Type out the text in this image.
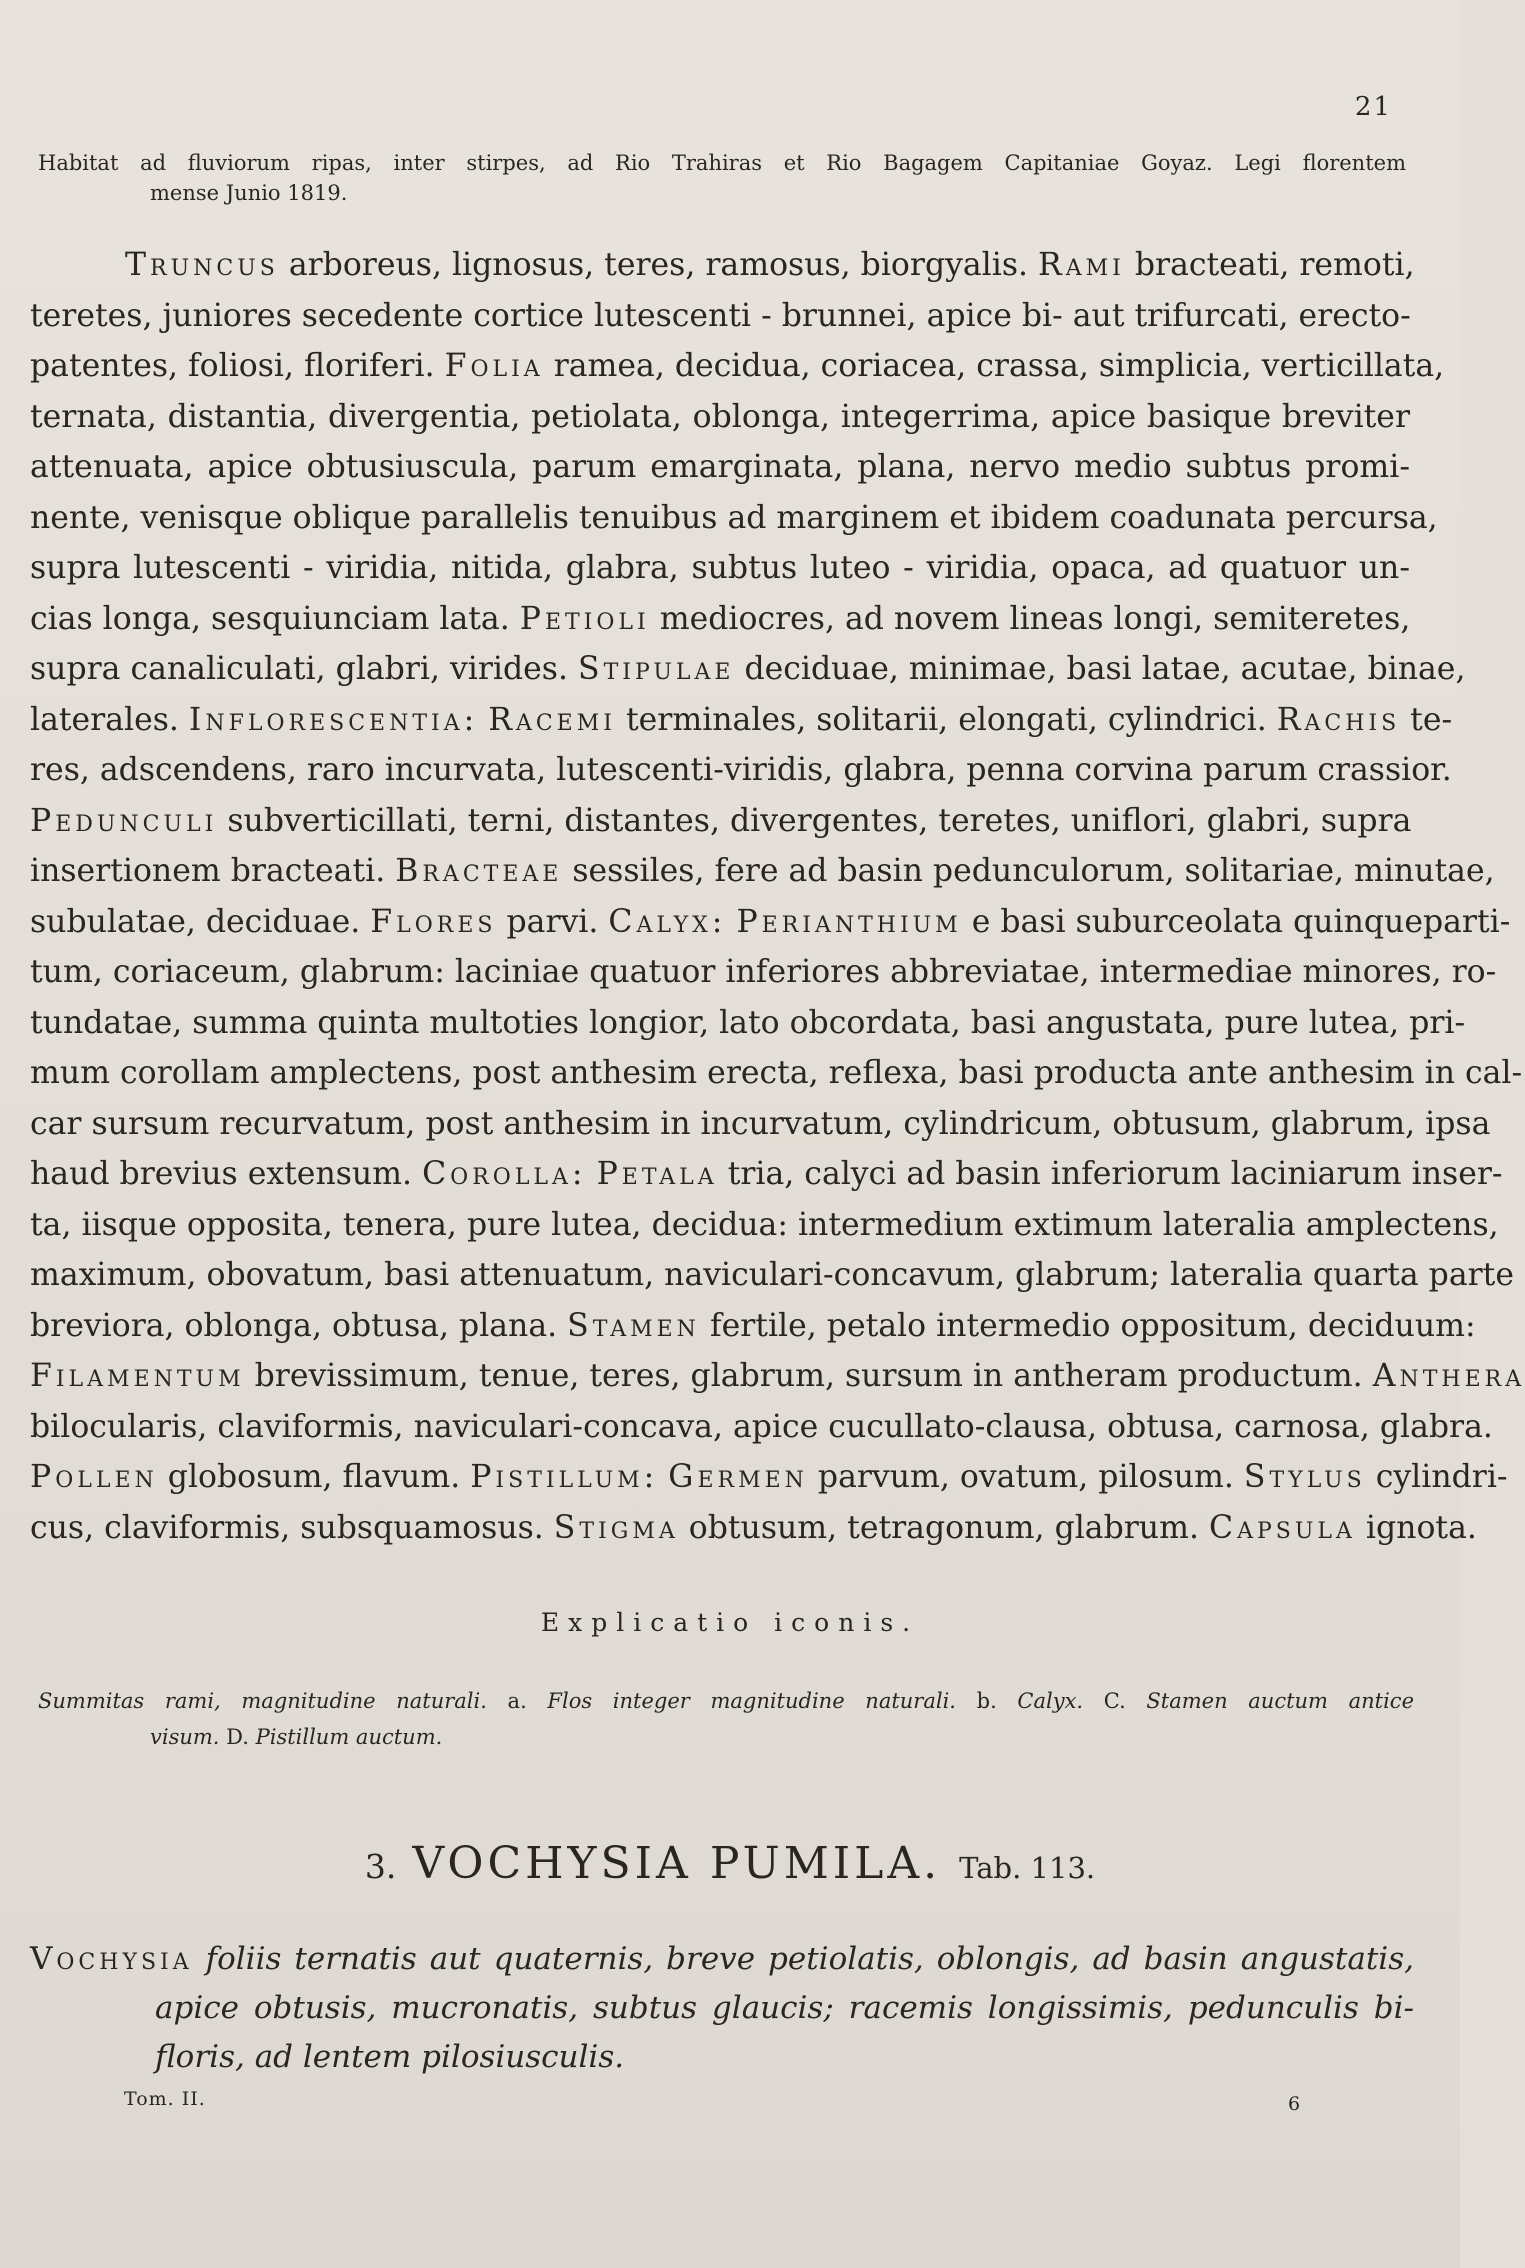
21
Habitat ad fluviorum ripas, inter stirpes, ad Rio Trahiras et Rio Bagagem Capitaniae Goyaz. Legi florentem
mense Junio 1819.
Truncus arboreus, lignosus, teres, ramosus, biorgyalis. Rami bracteati, remoti,
teretes, juniores secedente cortice lutescenti - brunnei, apice bi- aut trifurcati, erecto-
patentes, foliosi, floriferi. Folia ramea, decidua, coriacea, crassa, simplicia, verticillata,
ternata, distantia, divergentia, petiolata, oblonga, integerrima, apice basique breviter
attenuata, apice obtusiuscula, parum emarginata, plana, nervo medio subtus promi-
nente, venisque oblique parallelis tenuibus ad marginem et ibidem coadunata percursa,
supra lutescenti - viridia, nitida, glabra, subtus luteo - viridia, opaca, ad quatuor un-
cias longa, sesquiunciam lata. Petioli mediocres, ad novem lineas longi, semiteretes,
supra canaliculati, glabri, virides. Stipulae deciduae, minimae, basi latae, acutae, binae,
laterales. Inflorescentia: Racemi terminales, solitarii, elongati, cylindrici. Rachis te-
res, adscendens, raro incurvata, lutescenti-viridis, glabra, penna corvina parum crassior.
Pedunculi subverticillati, terni, distantes, divergentes, teretes, uniflori, glabri, supra
insertionem bracteati. Bracteae sessiles, fere ad basin pedunculorum, solitariae, minutae,
subulatae, deciduae. Flores parvi. Calyx: Perianthium e basi suburceolata quinqueparti-
tum, coriaceum, glabrum: laciniae quatuor inferiores abbreviatae, intermediae minores, ro-
tundatae, summa quinta multoties longior, lato obcordata, basi angustata, pure lutea, pri-
mum corollam amplectens, post anthesim erecta, reflexa, basi producta ante anthesim in cal-
car sursum recurvatum, post anthesim in incurvatum, cylindricum, obtusum, glabrum, ipsa
haud brevius extensum. Corolla: Petala tria, calyci ad basin inferiorum laciniarum inser-
ta, iisque opposita, tenera, pure lutea, decidua: intermedium extimum lateralia amplectens,
maximum, obovatum, basi attenuatum, naviculari-concavum, glabrum; lateralia quarta parte
breviora, oblonga, obtusa, plana. Stamen fertile, petalo intermedio oppositum, deciduum:
Filamentum brevissimum, tenue, teres, glabrum, sursum in antheram productum. Anthera
bilocularis, claviformis, naviculari-concava, apice cucullato-clausa, obtusa, carnosa, glabra.
Pollen globosum, flavum. Pistillum: Germen parvum, ovatum, pilosum. Stylus cylindri-
cus, claviformis, subsquamosus. Stigma obtusum, tetragonum, glabrum. Capsula ignota.
Explicatio iconis.
Summitas rami, magnitudine naturali. a. Flos integer magnitudine naturali. b. Calyx. C. Stamen auctum antice
visum. D. Pistillum auctum.
3. VOCHYSIA PUMILA. Tab. 113.
Vochysia foliis ternatis aut quaternis, breve petiolatis, oblongis, ad basin angustatis,
apice obtusis, mucronatis, subtus glaucis; racemis longissimis, pedunculis bi-
floris, ad lentem pilosiusculis.
Tom. II.	6
